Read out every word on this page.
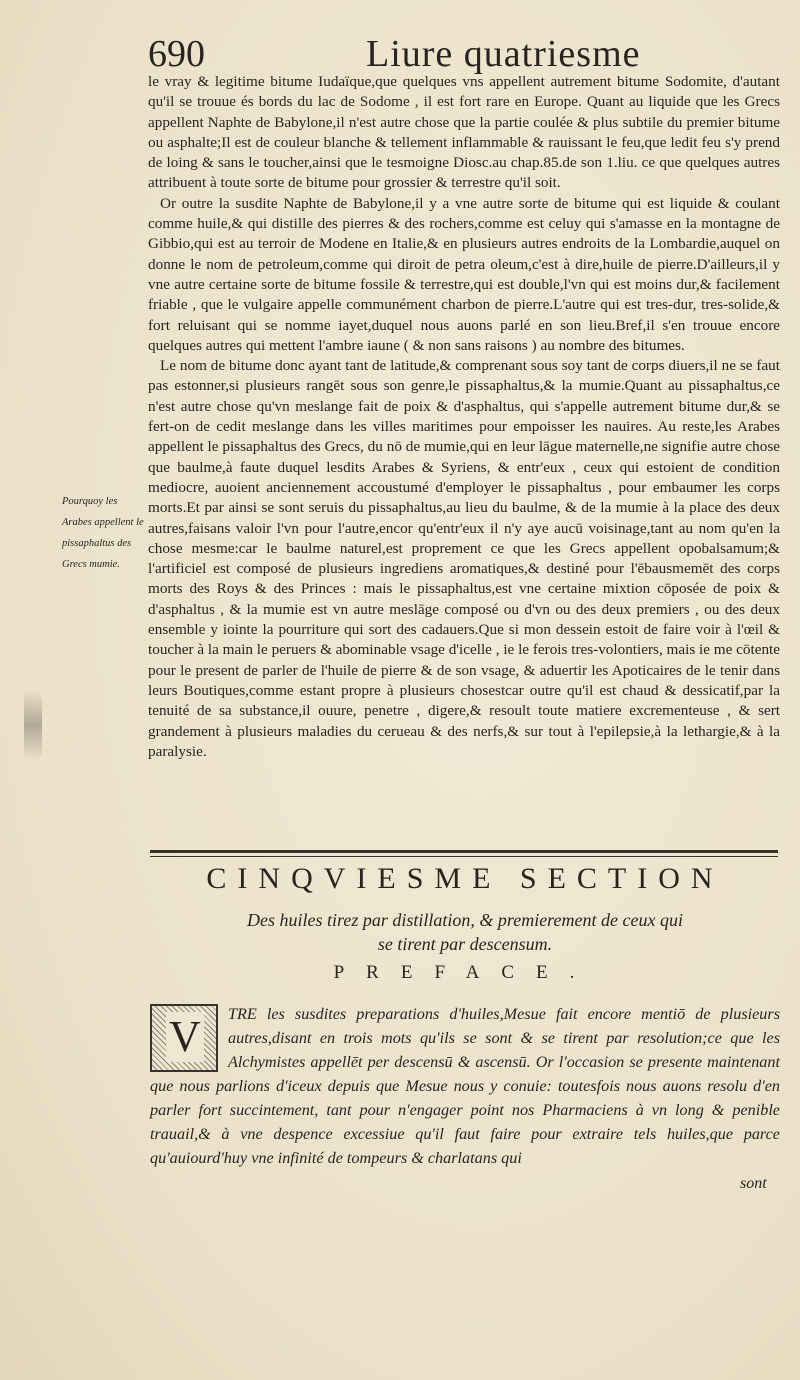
690	Liure quatriesme

le vray & legitime bitume Iudaïque,que quelques vns appellent autrement bitume Sodomite, d'autant qu'il se trouue és bords du lac de Sodome , il est fort rare en Europe. Quant au liquide que les Grecs appellent Naphte de Babylone,il n'est autre chose que la partie coulée & plus subtile du premier bitume ou asphalte;Il est de couleur blanche & tellement inflammable & rauissant le feu,que ledit feu s'y prend de loing & sans le toucher,ainsi que le tesmoigne Diosc.au chap.85.de son 1.liu. ce que quelques autres attribuent à toute sorte de bitume pour grossier & terrestre qu'il soit.

Or outre la susdite Naphte de Babylone,il y a vne autre sorte de bitume qui est liquide & coulant comme huile,& qui distille des pierres & des rochers,comme est celuy qui s'amasse en la montagne de Gibbio,qui est au terroir de Modene en Italie,& en plusieurs autres endroits de la Lombardie,auquel on donne le nom de petroleum,comme qui diroit de petra oleum,c'est à dire,huile de pierre.D'ailleurs,il y vne autre certaine sorte de bitume fossile & terrestre,qui est double,l'vn qui est moins dur,& facilement friable , que le vulgaire appelle communément charbon de pierre.L'autre qui est tres-dur, tres-solide,& fort reluisant qui se nomme iayet,duquel nous auons parlé en son lieu.Bref,il s'en trouue encore quelques autres qui mettent l'ambre iaune ( & non sans raisons ) au nombre des bitumes.

Le nom de bitume donc ayant tant de latitude,& comprenant sous soy tant de corps diuers,il ne se faut pas estonner,si plusieurs rangēt sous son genre,le pissaphaltus,& la mumie.Quant au pissaphaltus,ce n'est autre chose qu'vn meslange fait de poix & d'asphaltus, qui s'appelle autrement bitume dur,& se fert-on de cedit meslange dans les villes maritimes pour empoisser les nauires. Au reste,les Arabes appellent le pissaphaltus des Grecs, du nō de mumie,qui en leur lāgue maternelle,ne signifie autre chose que baulme,à faute duquel lesdits Arabes & Syriens, & entr'eux , ceux qui estoient de condition mediocre, auoient anciennement accoustumé d'employer le pissaphaltus , pour embaumer les corps morts.Et par ainsi se sont seruis du pissaphaltus,au lieu du baulme, & de la mumie à la place des deux autres,faisans valoir l'vn pour l'autre,encor qu'entr'eux il n'y aye aucū voisinage,tant au nom qu'en la chose mesme:car le baulme naturel,est proprement ce que les Grecs appellent opobalsamum;& l'artificiel est composé de plusieurs ingrediens aromatiques,& destiné pour l'ēbausmemēt des corps morts des Roys & des Princes : mais le pissaphaltus,est vne certaine mixtion cōposée de poix & d'asphaltus , & la mumie est vn autre meslāge composé ou d'vn ou des deux premiers , ou des deux ensemble y iointe la pourriture qui sort des cadauers.Que si mon dessein estoit de faire voir à l'œil & toucher à la main le peruers & abominable vsage d'icelle , ie le ferois tres-volontiers, mais ie me cōtente pour le present de parler de l'huile de pierre & de son vsage, & aduertir les Apoticaires de le tenir dans leurs Boutiques,comme estant propre à plusieurs chosestcar outre qu'il est chaud & dessicatif,par la tenuité de sa substance,il ouure, penetre , digere,& resoult toute matiere excrementeuse , & sert grandement à plusieurs maladies du cerueau & des nerfs,& sur tout à l'epilepsie,à la lethargie,& à la paralysie.

Pourquoy les Arabes appellent le pissaphaltus des Grecs mumie.
CINQVIESME SECTION
Des huiles tirez par distillation, & premierement de ceux qui
se tirent par descensum.
PREFACE.
V	TRE les susdites preparations d'huiles,Mesue fait encore mentiō de plusieurs autres,disant en trois mots qu'ils se sont & se tirent par resolution;ce que les Alchymistes appellēt per descensū & ascensū. Or l'occasion se presente maintenant que nous parlions d'iceux depuis que Mesue nous y conuie: toutesfois nous auons resolu d'en parler fort succintement, tant pour n'engager point nos Pharmaciens à vn long & penible trauail,& à vne despence excessiue qu'il faut faire pour extraire tels huiles,que parce qu'auiourd'huy vne infinité de tompeurs & charlatans qui

sont
